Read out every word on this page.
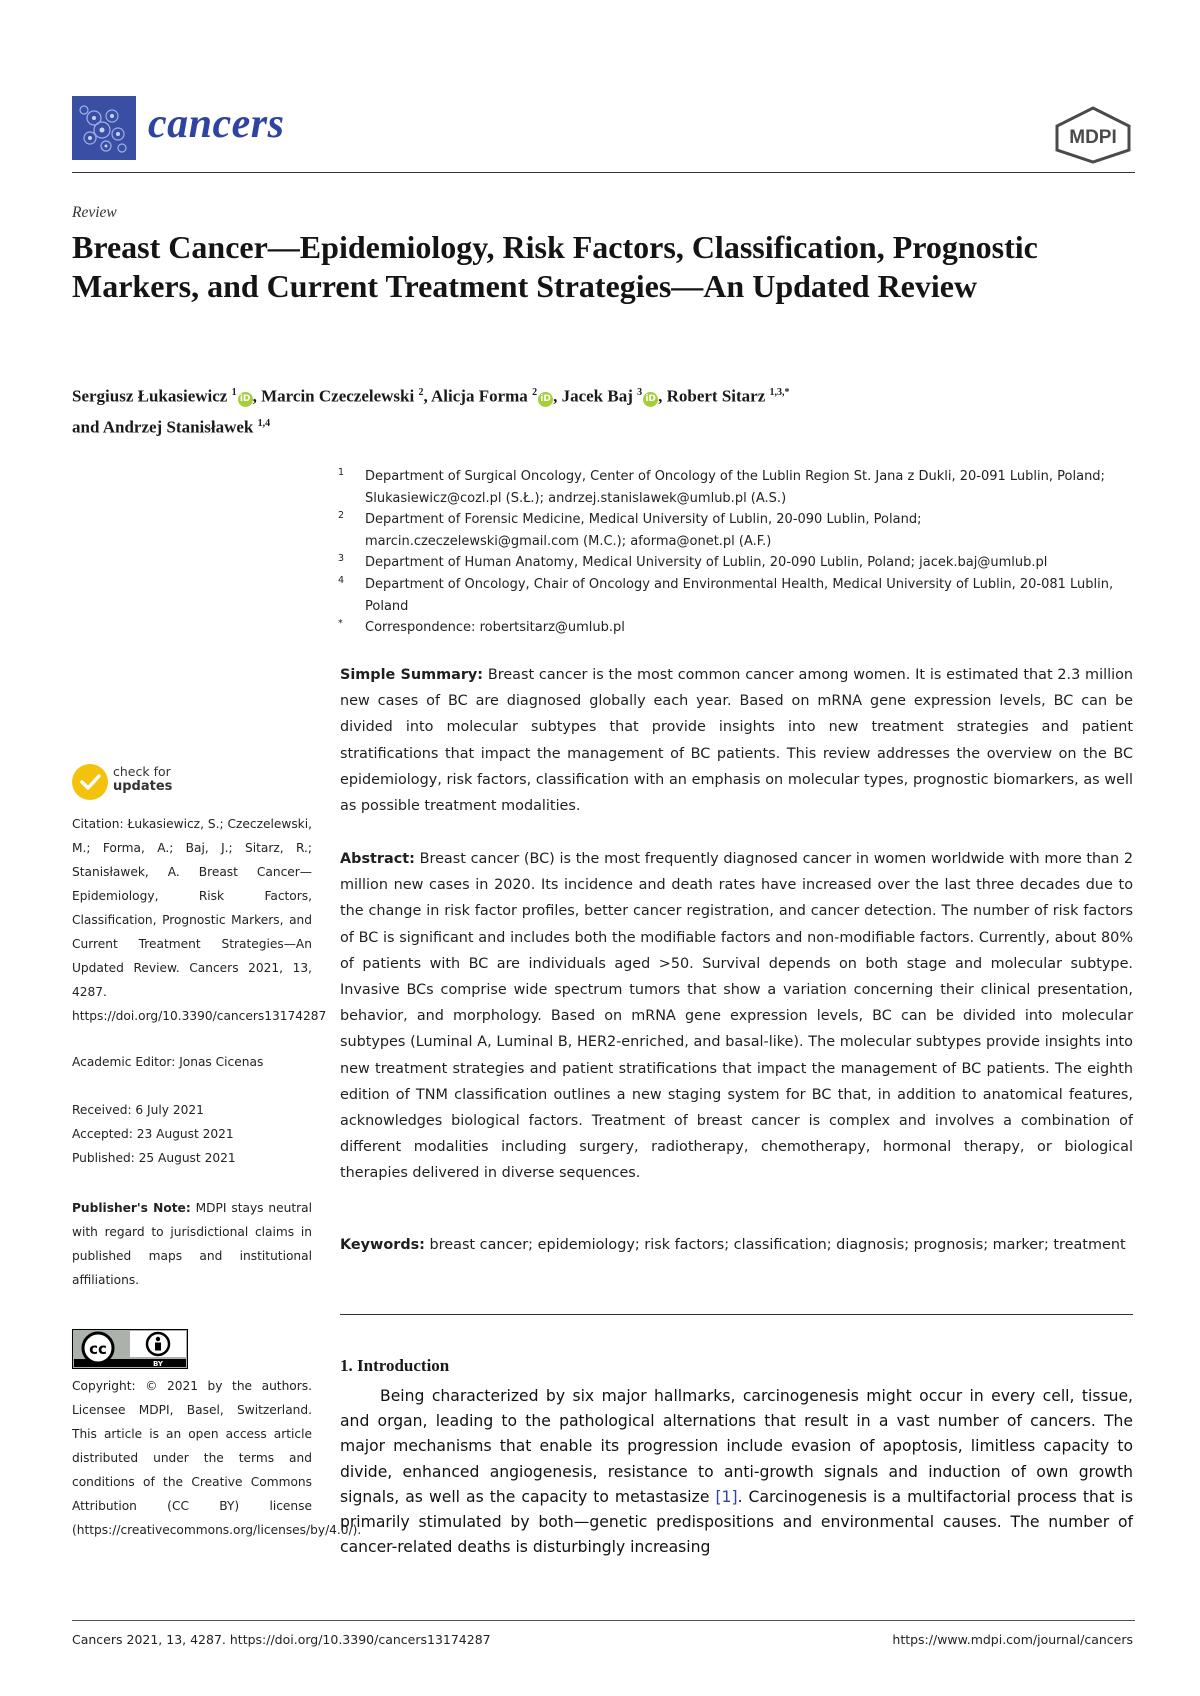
cancers	MDPI
Review
Breast Cancer—Epidemiology, Risk Factors, Classification, Prognostic Markers, and Current Treatment Strategies—An Updated Review
Sergiusz Łukasiewicz $^1$iD , Marcin Czeczelewski $^2$, Alicja Forma $^2$iD , Jacek Baj $^3$iD , Robert Sitarz $^{1,3,*}$
and Andrzej Stanisławek $^{1,4}$
1 Department of Surgical Oncology, Center of Oncology of the Lublin Region St. Jana z Dukli, 20-091 Lublin, Poland; Slukasiewicz@cozl.pl (S.Ł.); andrzej.stanislawek@umlub.pl (A.S.)
2 Department of Forensic Medicine, Medical University of Lublin, 20-090 Lublin, Poland; marcin.czeczelewski@gmail.com (M.C.); aforma@onet.pl (A.F.)
3 Department of Human Anatomy, Medical University of Lublin, 20-090 Lublin, Poland; jacek.baj@umlub.pl
4 Department of Oncology, Chair of Oncology and Environmental Health, Medical University of Lublin, 20-081 Lublin, Poland
* Correspondence: robertsitarz@umlub.pl
Simple Summary: Breast cancer is the most common cancer among women. It is estimated that 2.3 million new cases of BC are diagnosed globally each year. Based on mRNA gene expression levels, BC can be divided into molecular subtypes that provide insights into new treatment strategies and patient stratifications that impact the management of BC patients. This review addresses the overview on the BC epidemiology, risk factors, classification with an emphasis on molecular types, prognostic biomarkers, as well as possible treatment modalities.
Abstract: Breast cancer (BC) is the most frequently diagnosed cancer in women worldwide with more than 2 million new cases in 2020. Its incidence and death rates have increased over the last three decades due to the change in risk factor profiles, better cancer registration, and cancer detection. The number of risk factors of BC is significant and includes both the modifiable factors and non-modifiable factors. Currently, about 80% of patients with BC are individuals aged >50. Survival depends on both stage and molecular subtype. Invasive BCs comprise wide spectrum tumors that show a variation concerning their clinical presentation, behavior, and morphology. Based on mRNA gene expression levels, BC can be divided into molecular subtypes (Luminal A, Luminal B, HER2-enriched, and basal-like). The molecular subtypes provide insights into new treatment strategies and patient stratifications that impact the management of BC patients. The eighth edition of TNM classification outlines a new staging system for BC that, in addition to anatomical features, acknowledges biological factors. Treatment of breast cancer is complex and involves a combination of different modalities including surgery, radiotherapy, chemotherapy, hormonal therapy, or biological therapies delivered in diverse sequences.
Keywords: breast cancer; epidemiology; risk factors; classification; diagnosis; prognosis; marker; treatment
1. Introduction
Being characterized by six major hallmarks, carcinogenesis might occur in every cell, tissue, and organ, leading to the pathological alternations that result in a vast number of cancers. The major mechanisms that enable its progression include evasion of apoptosis, limitless capacity to divide, enhanced angiogenesis, resistance to anti-growth signals and induction of own growth signals, as well as the capacity to metastasize [1]. Carcinogenesis is a multifactorial process that is primarily stimulated by both—genetic predispositions and environmental causes. The number of cancer-related deaths is disturbingly increasing
check for
updates
Citation: Łukasiewicz, S.; Czeczelewski, M.; Forma, A.; Baj, J.; Sitarz, R.; Stanisławek, A. Breast Cancer—Epidemiology, Risk Factors, Classification, Prognostic Markers, and Current Treatment Strategies—An Updated Review. Cancers 2021, 13, 4287. https://doi.org/10.3390/cancers13174287
Academic Editor: Jonas Cicenas
Received: 6 July 2021
Accepted: 23 August 2021
Published: 25 August 2021
Publisher's Note: MDPI stays neutral with regard to jurisdictional claims in published maps and institutional affiliations.
cc
BY
Copyright: © 2021 by the authors. Licensee MDPI, Basel, Switzerland. This article is an open access article distributed under the terms and conditions of the Creative Commons Attribution (CC BY) license (https://creativecommons.org/licenses/by/4.0/).
Cancers 2021, 13, 4287. https://doi.org/10.3390/cancers13174287	https://www.mdpi.com/journal/cancers
